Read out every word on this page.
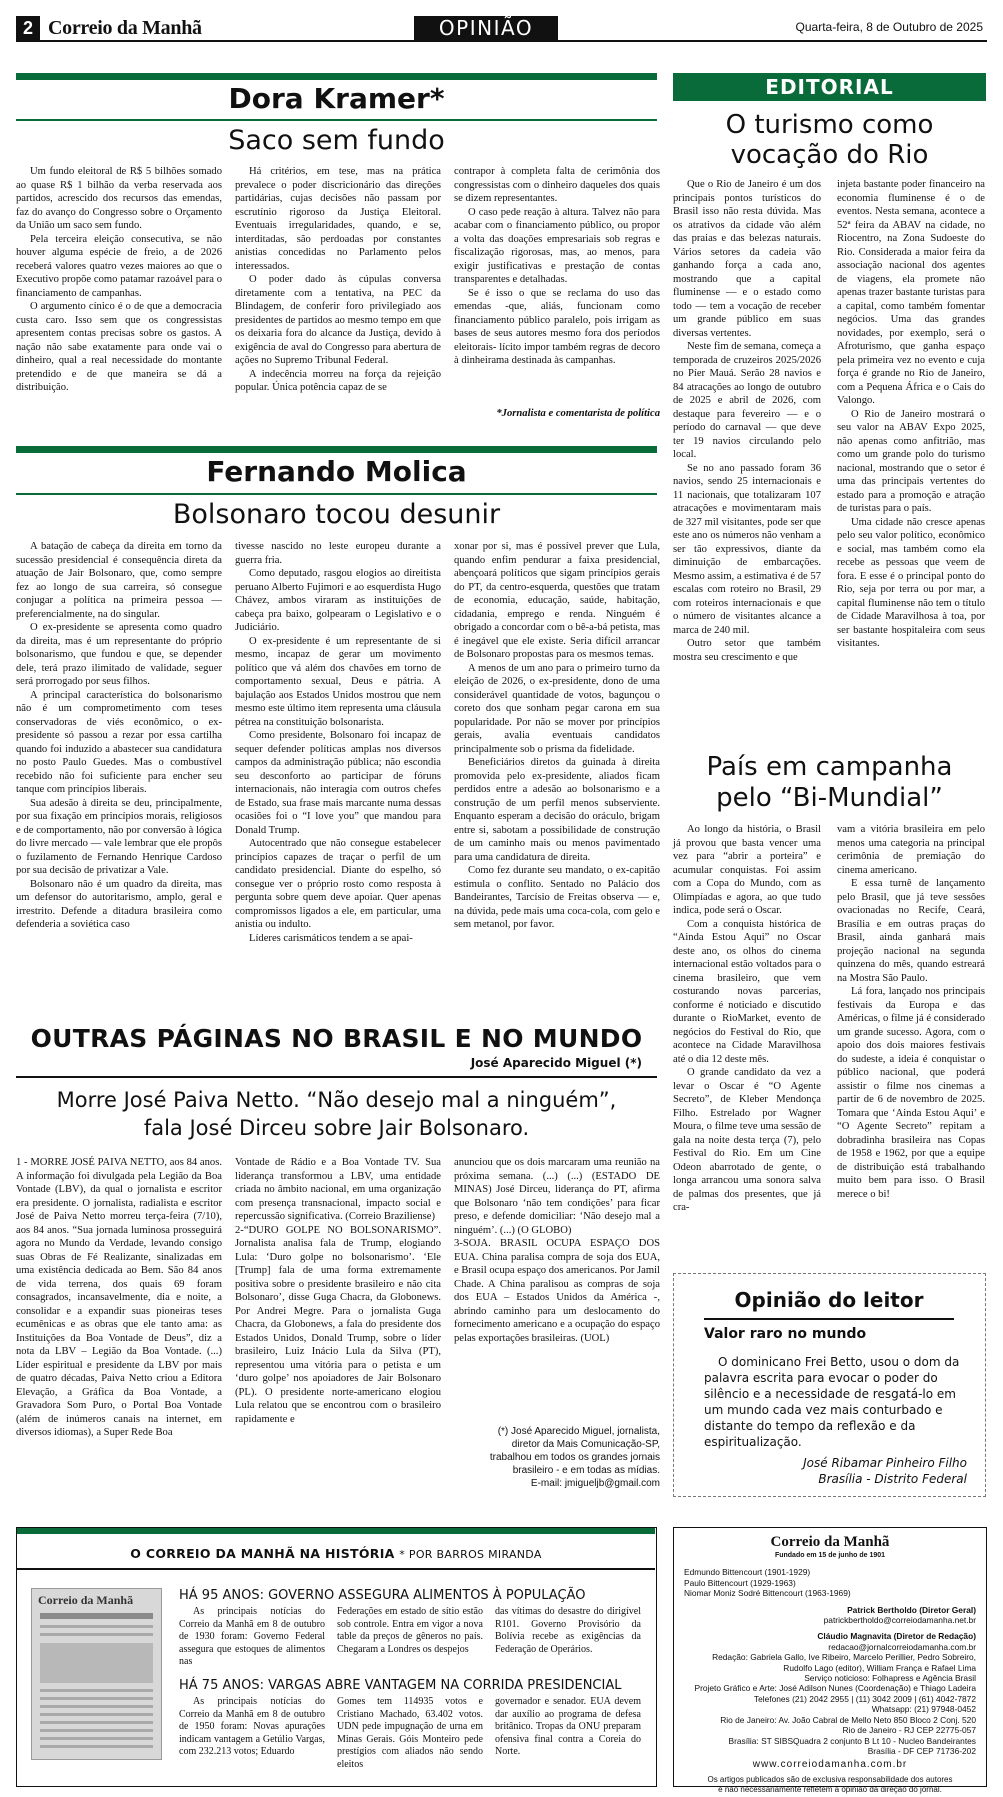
2 Correio da Manhã	OPINIÃO	Quarta-feira, 8 de Outubro de 2025
Dora Kramer*
Saco sem fundo

Um fundo eleitoral de R$ 5 bilhões somado ao quase R$ 1 bilhão da verba reservada aos partidos, acrescido dos recursos das emendas, faz do avanço do Congresso sobre o Orçamento da União um saco sem fundo.

Pela terceira eleição consecutiva, se não houver alguma espécie de freio, a de 2026 receberá valores quatro vezes maiores ao que o Executivo propõe como patamar razoável para o financiamento de campanhas.

O argumento cínico é o de que a democracia custa caro. Isso sem que os congressistas apresentem contas precisas sobre os gastos. A nação não sabe exatamente para onde vai o dinheiro, qual a real necessidade do montante pretendido e de que maneira se dá a distribuição.

Há critérios, em tese, mas na prática prevalece o poder discricionário das direções partidárias, cujas decisões não passam por escrutínio rigoroso da Justiça Eleitoral. Eventuais irregularidades, quando, e se, interditadas, são perdoadas por constantes anistias concedidas no Parlamento pelos interessados.

O poder dado às cúpulas conversa diretamente com a tentativa, na PEC da Blindagem, de conferir foro privilegiado aos presidentes de partidos ao mesmo tempo em que os deixaria fora do alcance da Justiça, devido à exigência de aval do Congresso para abertura de ações no Supremo Tribunal Federal.

A indecência morreu na força da rejeição popular. Única potência capaz de se

contrapor à completa falta de cerimônia dos congressistas com o dinheiro daqueles dos quais se dizem representantes.

O caso pede reação à altura. Talvez não para acabar com o financiamento público, ou propor a volta das doações empresariais sob regras e fiscalização rigorosas, mas, ao menos, para exigir justificativas e prestação de contas transparentes e detalhadas.

Se é isso o que se reclama do uso das emendas -que, aliás, funcionam como financiamento público paralelo, pois irrigam as bases de seus autores mesmo fora dos períodos eleitorais- lícito impor também regras de decoro à dinheirama destinada às campanhas.

*Jornalista e comentarista de política
Fernando Molica
Bolsonaro tocou desunir

A batação de cabeça da direita em torno da sucessão presidencial é consequência direta da atuação de Jair Bolsonaro, que, como sempre fez ao longo de sua carreira, só consegue conjugar a política na primeira pessoa — preferencialmente, na do singular.

O ex-presidente se apresenta como quadro da direita, mas é um representante do próprio bolsonarismo, que fundou e que, se depender dele, terá prazo ilimitado de validade, seguer será prorrogado por seus filhos.

A principal característica do bolsonarismo não é um comprometimento com teses conservadoras de viés econômico, o ex-presidente só passou a rezar por essa cartilha quando foi induzido a abastecer sua candidatura no posto Paulo Guedes. Mas o combustível recebido não foi suficiente para encher seu tanque com princípios liberais.

Sua adesão à direita se deu, principalmente, por sua fixação em princípios morais, religiosos e de comportamento, não por conversão à lógica do livre mercado — vale lembrar que ele propôs o fuzilamento de Fernando Henrique Cardoso por sua decisão de privatizar a Vale.

Bolsonaro não é um quadro da direita, mas um defensor do autoritarismo, amplo, geral e irrestrito. Defende a ditadura brasileira como defenderia a soviética caso

tivesse nascido no leste europeu durante a guerra fria.

Como deputado, rasgou elogios ao direitista peruano Alberto Fujimori e ao esquerdista Hugo Chávez, ambos viraram as instituições de cabeça pra baixo, golpearam o Legislativo e o Judiciário.

O ex-presidente é um representante de si mesmo, incapaz de gerar um movimento político que vá além dos chavões em torno de comportamento sexual, Deus e pátria. A bajulação aos Estados Unidos mostrou que nem mesmo este último item representa uma cláusula pétrea na constituição bolsonarista.

Como presidente, Bolsonaro foi incapaz de sequer defender políticas amplas nos diversos campos da administração pública; não escondia seu desconforto ao participar de fóruns internacionais, não interagia com outros chefes de Estado, sua frase mais marcante numa dessas ocasiões foi o “I love you” que mandou para Donald Trump.

Autocentrado que não consegue estabelecer princípios capazes de traçar o perfil de um candidato presidencial. Diante do espelho, só consegue ver o próprio rosto como resposta à pergunta sobre quem deve apoiar. Quer apenas compromissos ligados a ele, em particular, uma anistia ou indulto.

Líderes carismáticos tendem a se apai-

xonar por si, mas é possível prever que Lula, quando enfim pendurar a faixa presidencial, abençoará políticos que sigam princípios gerais do PT, da centro-esquerda, questões que tratam de economia, educação, saúde, habitação, cidadania, emprego e renda. Ninguém é obrigado a concordar com o bê-a-bá petista, mas é inegável que ele existe. Seria difícil arrancar de Bolsonaro propostas para os mesmos temas.

A menos de um ano para o primeiro turno da eleição de 2026, o ex-presidente, dono de uma considerável quantidade de votos, bagunçou o coreto dos que sonham pegar carona em sua popularidade. Por não se mover por princípios gerais, avalia eventuais candidatos principalmente sob o prisma da fidelidade.

Beneficiários diretos da guinada à direita promovida pelo ex-presidente, aliados ficam perdidos entre a adesão ao bolsonarismo e a construção de um perfil menos subserviente. Enquanto esperam a decisão do oráculo, brigam entre si, sabotam a possibilidade de construção de um caminho mais ou menos pavimentado para uma candidatura de direita.

Como fez durante seu mandato, o ex-capitão estimula o conflito. Sentado no Palácio dos Bandeirantes, Tarcísio de Freitas observa — e, na dúvida, pede mais uma coca-cola, com gelo e sem metanol, por favor.

OUTRAS PÁGINAS NO BRASIL E NO MUNDO
José Aparecido Miguel (*)
Morre José Paiva Netto. “Não desejo mal a ninguém”,
fala José Dirceu sobre Jair Bolsonaro.

1 - MORRE JOSÉ PAIVA NETTO, aos 84 anos. A informação foi divulgada pela Legião da Boa Vontade (LBV), da qual o jornalista e escritor era presidente. O jornalista, radialista e escritor José de Paiva Netto morreu terça-feira (7/10), aos 84 anos. “Sua jornada luminosa prosseguirá agora no Mundo da Verdade, levando consigo suas Obras de Fé Realizante, sinalizadas em uma existência dedicada ao Bem. São 84 anos de vida terrena, dos quais 69 foram consagrados, incansavelmente, dia e noite, a consolidar e a expandir suas pioneiras teses ecumênicas e as obras que ele tanto ama: as Instituições da Boa Vontade de Deus”, diz a nota da LBV – Legião da Boa Vontade. (...) Líder espiritual e presidente da LBV por mais de quatro décadas, Paiva Netto criou a Editora Elevação, a Gráfica da Boa Vontade, a Gravadora Som Puro, o Portal Boa Vontade (além de inúmeros canais na internet, em diversos idiomas), a Super Rede Boa

Vontade de Rádio e a Boa Vontade TV. Sua liderança transformou a LBV, uma entidade criada no âmbito nacional, em uma organização com presença transnacional, impacto social e repercussão significativa. (Correio Braziliense)

2-“DURO GOLPE NO BOLSONARISMO”. Jornalista analisa fala de Trump, elogiando Lula: ‘Duro golpe no bolsonarismo’. ‘Ele [Trump] fala de uma forma extremamente positiva sobre o presidente brasileiro e não cita Bolsonaro’, disse Guga Chacra, da Globonews. Por Andrei Megre. Para o jornalista Guga Chacra, da Globonews, a fala do presidente dos Estados Unidos, Donald Trump, sobre o líder brasileiro, Luiz Inácio Lula da Silva (PT), representou uma vitória para o petista e um ‘duro golpe’ nos apoiadores de Jair Bolsonaro (PL). O presidente norte-americano elogiou Lula relatou que se encontrou com o brasileiro rapidamente e

anunciou que os dois marcaram uma reunião na próxima semana. (...) (...) (ESTADO DE MINAS) José Dirceu, liderança do PT, afirma que Bolsonaro ‘não tem condições’ para ficar preso, e defende domiciliar: ‘Não desejo mal a ninguém’. (...) (O GLOBO)

3-SOJA. BRASIL OCUPA ESPAÇO DOS EUA. China paralisa compra de soja dos EUA, e Brasil ocupa espaço dos americanos. Por Jamil Chade. A China paralisou as compras de soja dos EUA – Estados Unidos da América -, abrindo caminho para um deslocamento do fornecimento americano e a ocupação do espaço pelas exportações brasileiras. (UOL)

(*) José Aparecido Miguel, jornalista,
diretor da Mais Comunicação-SP,
trabalhou em todos os grandes jornais
brasileiro - e em todas as mídias.
E-mail: jmigueljb@gmail.com
EDITORIAL
O turismo como
vocação do Rio

Que o Rio de Janeiro é um dos principais pontos turísticos do Brasil isso não resta dúvida. Mas os atrativos da cidade vão além das praias e das belezas naturais. Vários setores da cadeia vão ganhando força a cada ano, mostrando que a capital fluminense — e o estado como todo — tem a vocação de receber um grande público em suas diversas vertentes.

Neste fim de semana, começa a temporada de cruzeiros 2025/2026 no Píer Mauá. Serão 28 navios e 84 atracações ao longo de outubro de 2025 e abril de 2026, com destaque para fevereiro — e o período do carnaval — que deve ter 19 navios circulando pelo local.

Se no ano passado foram 36 navios, sendo 25 internacionais e 11 nacionais, que totalizaram 107 atracações e movimentaram mais de 327 mil visitantes, pode ser que este ano os números não venham a ser tão expressivos, diante da diminuição de embarcações. Mesmo assim, a estimativa é de 57 escalas com roteiro no Brasil, 29 com roteiros internacionais e que o número de visitantes alcance a marca de 240 mil.

Outro setor que também mostra seu crescimento e que

injeta bastante poder financeiro na economia fluminense é o de eventos. Nesta semana, acontece a 52ª feira da ABAV na cidade, no Riocentro, na Zona Sudoeste do Rio. Considerada a maior feira da associação nacional dos agentes de viagens, ela promete não apenas trazer bastante turistas para a capital, como também fomentar negócios. Uma das grandes novidades, por exemplo, será o Afroturismo, que ganha espaço pela primeira vez no evento e cuja força é grande no Rio de Janeiro, com a Pequena África e o Cais do Valongo.

O Rio de Janeiro mostrará o seu valor na ABAV Expo 2025, não apenas como anfitrião, mas como um grande polo do turismo nacional, mostrando que o setor é uma das principais vertentes do estado para a promoção e atração de turistas para o país.

Uma cidade não cresce apenas pelo seu valor político, econômico e social, mas também como ela recebe as pessoas que veem de fora. E esse é o principal ponto do Rio, seja por terra ou por mar, a capital fluminense não tem o título de Cidade Maravilhosa à toa, por ser bastante hospitaleira com seus visitantes.

País em campanha
pelo “Bi-Mundial”

Ao longo da história, o Brasil já provou que basta vencer uma vez para “abrir a porteira” e acumular conquistas. Foi assim com a Copa do Mundo, com as Olimpíadas e agora, ao que tudo indica, pode será o Oscar.

Com a conquista histórica de “Ainda Estou Aqui” no Oscar deste ano, os olhos do cinema internacional estão voltados para o cinema brasileiro, que vem costurando novas parcerias, conforme é noticiado e discutido durante o RioMarket, evento de negócios do Festival do Rio, que acontece na Cidade Maravilhosa até o dia 12 deste mês.

O grande candidato da vez a levar o Oscar é “O Agente Secreto”, de Kleber Mendonça Filho. Estrelado por Wagner Moura, o filme teve uma sessão de gala na noite desta terça (7), pelo Festival do Rio. Em um Cine Odeon abarrotado de gente, o longa arrancou uma sonora salva de palmas dos presentes, que já cra-

vam a vitória brasileira em pelo menos uma categoria na principal cerimônia de premiação do cinema americano.

E essa turnê de lançamento pelo Brasil, que já teve sessões ovacionadas no Recife, Ceará, Brasília e em outras praças do Brasil, ainda ganhará mais projeção nacional na segunda quinzena do mês, quando estreará na Mostra São Paulo.

Lá fora, lançado nos principais festivais da Europa e das Américas, o filme já é considerado um grande sucesso. Agora, com o apoio dos dois maiores festivais do sudeste, a ideia é conquistar o público nacional, que poderá assistir o filme nos cinemas a partir de 6 de novembro de 2025. Tomara que ‘Ainda Estou Aqui’ e “O Agente Secreto” repitam a dobradinha brasileira nas Copas de 1958 e 1962, por que a equipe de distribuição está trabalhando muito bem para isso. O Brasil merece o bi!

Opinião do leitor
Valor raro no mundo
O dominicano Frei Betto, usou o dom da palavra escrita para evocar o poder do silêncio e a necessidade de resgatá-lo em um mundo cada vez mais conturbado e distante do tempo da reflexão e da espiritualização.
José Ribamar Pinheiro Filho
Brasília - Distrito Federal
O CORREIO DA MANHÃ NA HISTÓRIA * POR BARROS MIRANDA
Correio da Manhã	HÁ 95 ANOS: GOVERNO ASSEGURA ALIMENTOS À POPULAÇÃO

As principais notícias do Correio da Manhã em 8 de outubro de 1930 foram: Governo Federal assegura que estoques de alimentos nas

Federações em estado de sítio estão sob controle. Entra em vigor a nova table da preços de gêneros no país. Chegaram a Londres os despejos

das vítimas do desastre do dirigível R101. Governo Provisório da Bolívia recebe as exigências da Federação de Operários.

HÁ 75 ANOS: VARGAS ABRE VANTAGEM NA CORRIDA PRESIDENCIAL

As principais notícias do Correio da Manhã em 8 de outubro de 1950 foram: Novas apurações indicam vantagem a Getúlio Vargas, com 232.213 votos; Eduardo

Gomes tem 114935 votos e Cristiano Machado, 63.402 votos. UDN pede impugnação de urna em Minas Gerais. Góis Monteiro pede prestígios com aliados não sendo eleitos

governador e senador. EUA devem dar auxílio ao programa de defesa britânico. Tropas da ONU preparam ofensiva final contra a Coreia do Norte.

Correio da Manhã
Fundado em 15 de junho de 1901
Edmundo Bittencourt (1901-1929)
Paulo Bittencourt (1929-1963)
Niomar Moniz Sodré Bittencourt (1963-1969)
Patrick Bertholdo (Diretor Geral)
patrickbertholdo@correiodamanha.net.br
Cláudio Magnavita (Diretor de Redação)
redacao@jornalcorreiodamanha.com.br
Redação: Gabriela Gallo, Ive Ribeiro, Marcelo Perillier, Pedro Sobreiro,
Rudolfo Lago (editor), William França e Rafael Lima
Serviço noticioso: Folhapress e Agência Brasil
Projeto Gráfico e Arte: José Adilson Nunes (Coordenação) e Thiago Ladeira
Telefones (21) 2042 2955 | (11) 3042 2009 | (61) 4042-7872
Whatsapp: (21) 97948-0452
Rio de Janeiro: Av. João Cabral de Mello Neto 850 Bloco 2 Conj. 520
Rio de Janeiro - RJ CEP 22775-057
Brasília: ST SIBSQuadra 2 conjunto B Lt 10 - Nucleo Bandeirantes
Brasília - DF CEP 71736-202
www.correiodamanha.com.br
Os artigos publicados são de exclusiva responsabilidade dos autores
e não necessariamente refletem a opinião da direção do jornal.
